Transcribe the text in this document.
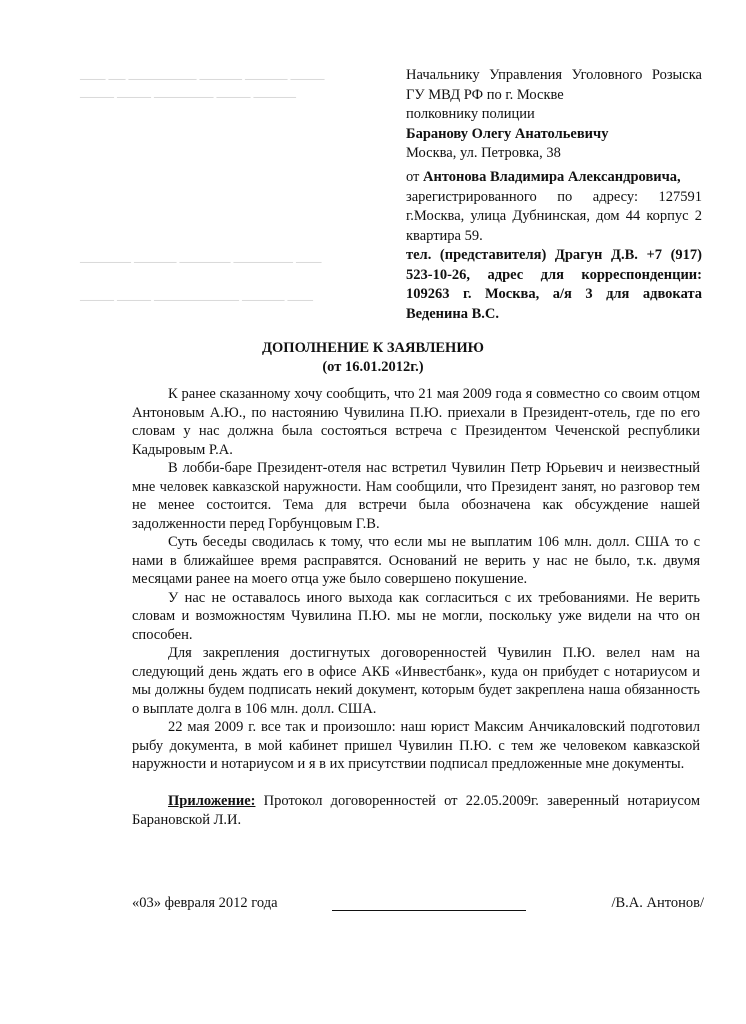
─── ── ──────── ───── ───── ────
──── ──── ─────── ──── ─────
────── ───── ────── ─────── ───
──── ──── ────────── ───── ───
Начальнику Управления Уголовного Розыска
ГУ МВД РФ по г. Москве
полковнику полиции
Баранову Олегу Анатольевичу
Москва, ул. Петровка, 38
от Антонова Владимира Александровича,
зарегистрированного по адресу: 127591
г.Москва, улица Дубнинская, дом 44 корпус 2
квартира 59.
тел. (представителя) Драгун Д.В. +7 (917) 523-10-26, адрес для корреспонденции: 109263 г. Москва, а/я 3 для адвоката Веденина В.С.
ДОПОЛНЕНИЕ К ЗАЯВЛЕНИЮ
(от 16.01.2012г.)

К ранее сказанному хочу сообщить, что 21 мая 2009 года я совместно со своим отцом Антоновым А.Ю., по настоянию Чувилина П.Ю. приехали в Президент-отель, где по его словам у нас должна была состояться встреча с Президентом Чеченской республики Кадыровым Р.А.

В лобби-баре Президент-отеля нас встретил Чувилин Петр Юрьевич и неизвестный мне человек кавказской наружности. Нам сообщили, что Президент занят, но разговор тем не менее состоится. Тема для встречи была обозначена как обсуждение нашей задолженности перед Горбунцовым Г.В.

Суть беседы сводилась к тому, что если мы не выплатим 106 млн. долл. США то с нами в ближайшее время расправятся. Оснований не верить у нас не было, т.к. двумя месяцами ранее на моего отца уже было совершено покушение.

У нас не оставалось иного выхода как согласиться с их требованиями. Не верить словам и возможностям Чувилина П.Ю. мы не могли, поскольку уже видели на что он способен.

Для закрепления достигнутых договоренностей Чувилин П.Ю. велел нам на следующий день ждать его в офисе АКБ «Инвестбанк», куда он прибудет с нотариусом и мы должны будем подписать некий документ, которым будет закреплена наша обязанность о выплате долга в 106 млн. долл. США.

22 мая 2009 г. все так и произошло: наш юрист Максим Анчикаловский подготовил рыбу документа, в мой кабинет пришел Чувилин П.Ю. с тем же человеком кавказской наружности и нотариусом и я в их присутствии подписал предложенные мне документы.

Приложение: Протокол договоренностей от 22.05.2009г. заверенный нотариусом Барановской Л.И.
«03» февраля 2012 года	/В.А. Антонов/
